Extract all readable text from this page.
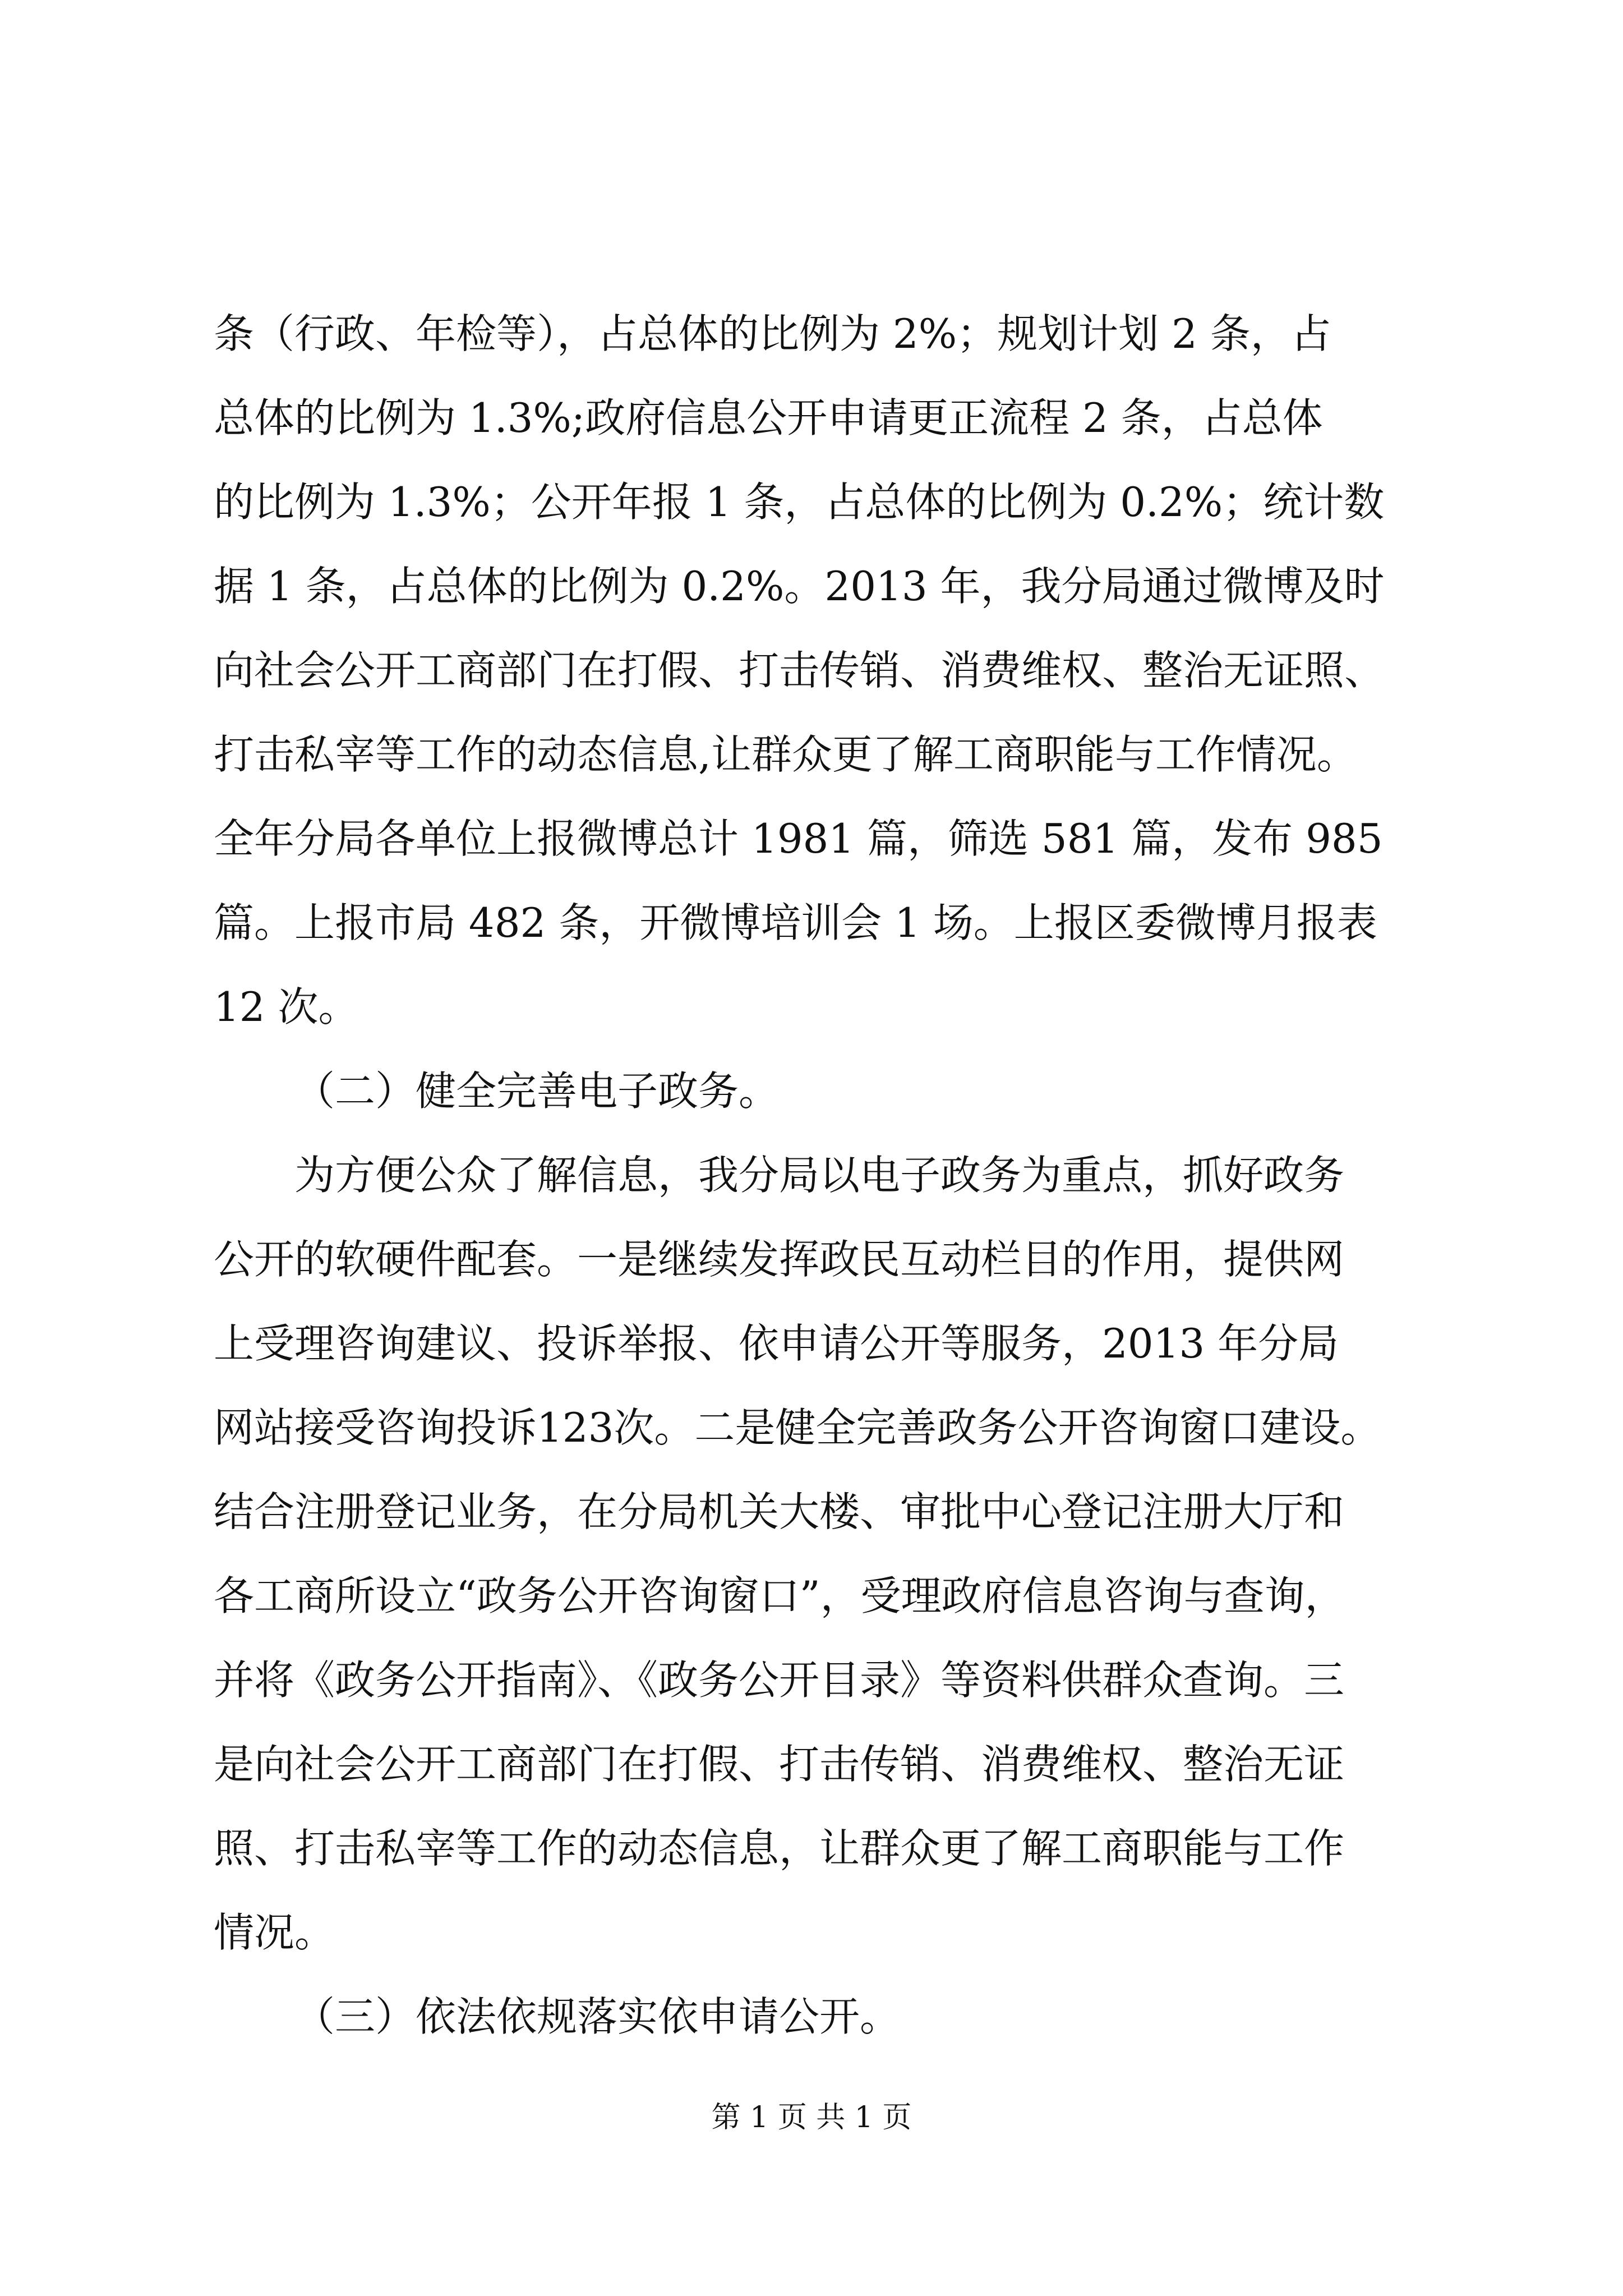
条（行政、年检等），占总体的比例为 2%；规划计划 2 条，占
总体的比例为 1.3%;政府信息公开申请更正流程 2 条，占总体
的比例为 1.3%；公开年报 1 条，占总体的比例为 0.2%；统计数
据 1 条，占总体的比例为 0.2%。2013 年，我分局通过微博及时
向社会公开工商部门在打假、打击传销、消费维权、整治无证照、
打击私宰等工作的动态信息,让群众更了解工商职能与工作情况。
全年分局各单位上报微博总计 1981 篇，筛选 581 篇，发布 985
篇。上报市局 482 条，开微博培训会 1 场。上报区委微博月报表
12 次。
（二）健全完善电子政务。
为方便公众了解信息，我分局以电子政务为重点，抓好政务
公开的软硬件配套。一是继续发挥政民互动栏目的作用，提供网
上受理咨询建议、投诉举报、依申请公开等服务，2013 年分局
网站接受咨询投诉123次。二是健全完善政务公开咨询窗口建设。
结合注册登记业务，在分局机关大楼、审批中心登记注册大厅和
各工商所设立“政务公开咨询窗口”，受理政府信息咨询与查询，
并将《政务公开指南》、《政务公开目录》等资料供群众查询。三
是向社会公开工商部门在打假、打击传销、消费维权、整治无证
照、打击私宰等工作的动态信息，让群众更了解工商职能与工作
情况。
（三）依法依规落实依申请公开。
第 1 页 共 1 页
